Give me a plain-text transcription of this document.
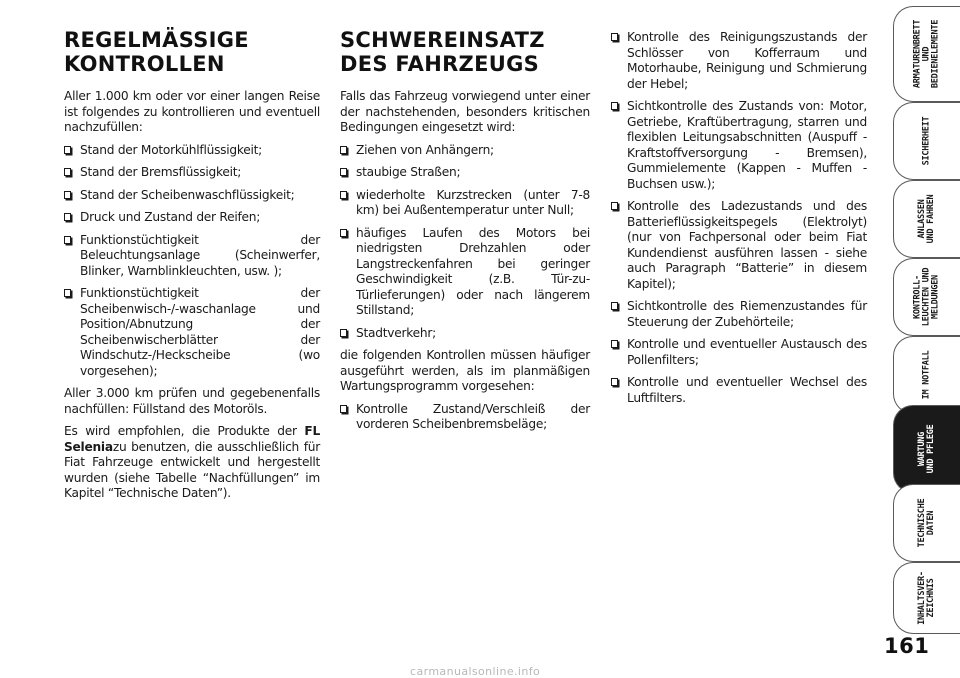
REGELMÄSSIGE KONTROLLEN

Aller 1.000 km oder vor einer langen Reise ist folgendes zu kontrollieren und eventuell nachzufüllen:

Stand der Motorkühlflüssigkeit;
Stand der Bremsflüssigkeit;
Stand der Scheibenwaschflüssigkeit;
Druck und Zustand der Reifen;
Funktionstüchtigkeit der Beleuchtungsanlage (Scheinwerfer, Blinker, Warnblinkleuchten, usw. );
Funktionstüchtigkeit der Scheibenwisch-/-waschanlage und Position/Abnutzung der Scheibenwischerblätter der Windschutz-/Heckscheibe (wo vorgesehen);

Aller 3.000 km prüfen und gegebenenfalls nachfüllen: Füllstand des Motoröls.

Es wird empfohlen, die Produkte der FL Seleniazu benutzen, die ausschließlich für Fiat Fahrzeuge entwickelt und hergestellt wurden (siehe Tabelle “Nachfüllungen” im Kapitel “Technische Daten”).

SCHWEREINSATZ DES FAHRZEUGS

Falls das Fahrzeug vorwiegend unter einer der nachstehenden, besonders kritischen Bedingungen eingesetzt wird:

Ziehen von Anhängern;
staubige Straßen;
wiederholte Kurzstrecken (unter 7-8 km) bei Außentemperatur unter Null;
häufiges Laufen des Motors bei niedrigsten Drehzahlen oder Langstreckenfahren bei geringer Geschwindigkeit (z.B. Tür-zu-Türlieferungen) oder nach längerem Stillstand;
Stadtverkehr;

die folgenden Kontrollen müssen häufiger ausgeführt werden, als im planmäßigen Wartungsprogramm vorgesehen:

Kontrolle Zustand/Verschleiß der vorderen Scheibenbremsbeläge;
Kontrolle des Reinigungszustands der Schlösser von Kofferraum und Motorhaube, Reinigung und Schmierung der Hebel;
Sichtkontrolle des Zustands von: Motor, Getriebe, Kraftübertragung, starren und flexiblen Leitungsabschnitten (Auspuff - Kraftstoffversorgung - Bremsen), Gummielemente (Kappen - Muffen - Buchsen usw.);
Kontrolle des Ladezustands und des Batterieflüssigkeitspegels (Elektrolyt) (nur von Fachpersonal oder beim Fiat Kundendienst ausführen lassen - siehe auch Paragraph “Batterie” in diesem Kapitel);
Sichtkontrolle des Riemenzustandes für Steuerung der Zubehörteile;
Kontrolle und eventueller Austausch des Pollenfilters;
Kontrolle und eventueller Wechsel des Luftfilters.
ARMATURENBRETT
UND
BEDIENELEMENTE
SICHERHEIT
ANLASSEN
UND FAHREN
KONTROLL-
LEUCHTEN UND
MELDUNGEN
IM NOTFALL
WARTUNG
UND PFLEGE
TECHNISCHE
DATEN
INHALTSVER-
ZEICHNIS
161
carmanualsonline.info
